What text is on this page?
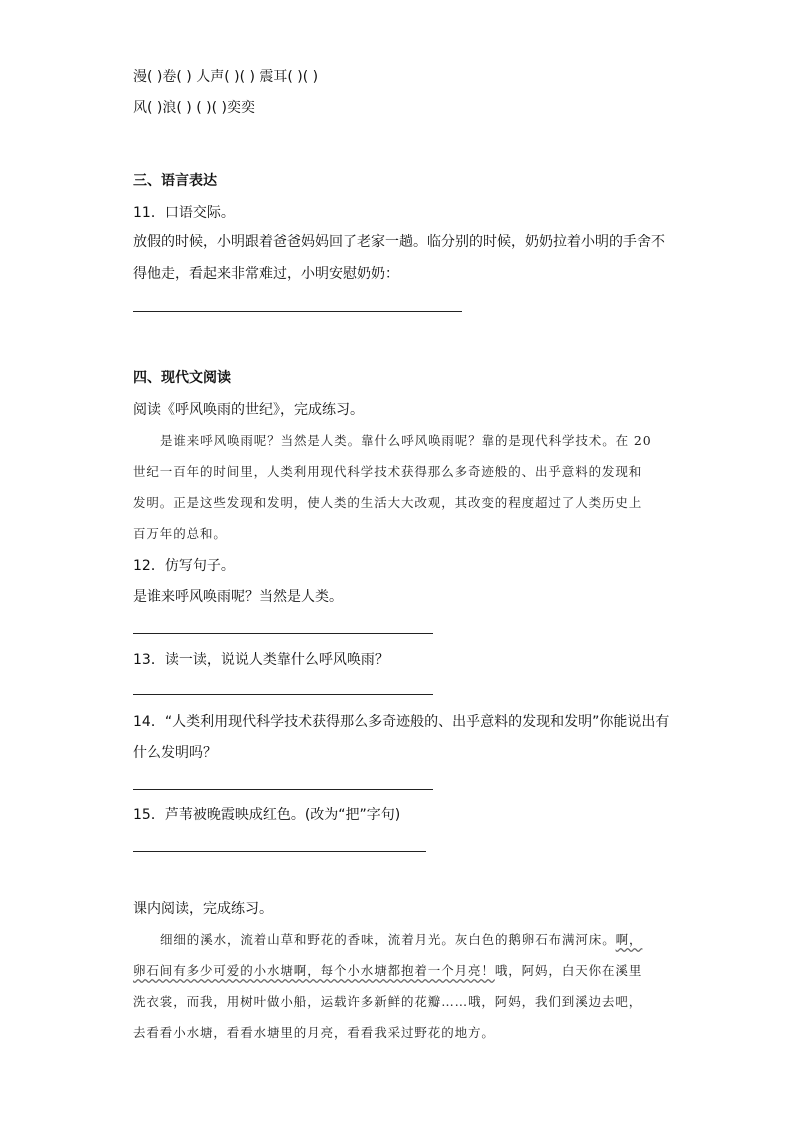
漫( )卷( ) 人声( )( ) 震耳( )( )
风( )浪( ) ( )( )奕奕
三、语言表达
11．口语交际。
放假的时候，小明跟着爸爸妈妈回了老家一趟。临分别的时候，奶奶拉着小明的手舍不
得他走，看起来非常难过，小明安慰奶奶：
四、现代文阅读
阅读《呼风唤雨的世纪》，完成练习。
是谁来呼风唤雨呢？当然是人类。靠什么呼风唤雨呢？靠的是现代科学技术。在 20
世纪一百年的时间里，人类利用现代科学技术获得那么多奇迹般的、出乎意料的发现和
发明。正是这些发现和发明，使人类的生活大大改观，其改变的程度超过了人类历史上
百万年的总和。
12．仿写句子。
是谁来呼风唤雨呢？当然是人类。
13．读一读，说说人类靠什么呼风唤雨？
14．“人类利用现代科学技术获得那么多奇迹般的、出乎意料的发现和发明”你能说出有
什么发明吗？
15．芦苇被晚霞映成红色。(改为“把”字句)
课内阅读，完成练习。
细细的溪水，流着山草和野花的香味，流着月光。灰白色的鹅卵石布满河床。啊，
卵石间有多少可爱的小水塘啊，每个小水塘都抱着一个月亮！哦，阿妈，白天你在溪里
洗衣裳，而我，用树叶做小船，运载许多新鲜的花瓣……哦，阿妈，我们到溪边去吧，
去看看小水塘，看看水塘里的月亮，看看我采过野花的地方。
